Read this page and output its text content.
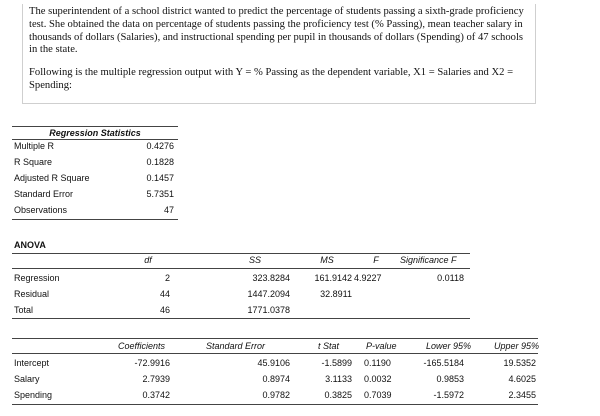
The superintendent of a school district wanted to predict the percentage of students passing a sixth-grade proficiency test. She obtained the data on percentage of students passing the proficiency test (% Passing), mean teacher salary in thousands of dollars (Salaries), and instructional spending per pupil in thousands of dollars (Spending) of 47 schools in the state.

Following is the multiple regression output with Y = % Passing as the dependent variable, X1 = Salaries and X2 = Spending:

Regression Statistics
Multiple R	0.4276
R Square	0.1828
Adjusted R Square	0.1457
Standard Error	5.7351
Observations	47
ANOVA
df	SS	MS	F	Significance F
Regression	2	323.8284	161.9142 4.9227	0.0118
Residual	44	1447.2094	32.8911
Total	46	1771.0378
Coefficients	Standard Error	t Stat	P-value	Lower 95%	Upper 95%
Intercept	-72.9916	45.9106	-1.5899 0.1190	-165.5184	19.5352
Salary	2.7939	0.8974	3.1133 0.0032	0.9853	4.6025
Spending	0.3742	0.9782	0.3825 0.7039	-1.5972	2.3455
